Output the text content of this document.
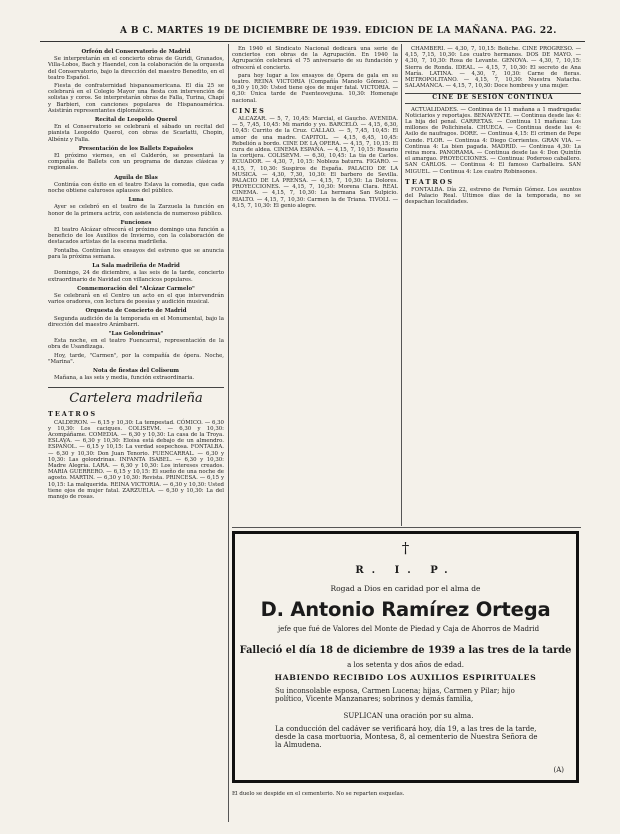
A B C. MARTES 19 DE DICIEMBRE DE 1939. EDICION DE LA MAÑANA. PAG. 22.
Orfeón del Conservatorio de Madrid

Se interpretarán en el concierto obras de Guridi, Granados, Villa-Lobos, Bach y Haendel, con la colaboración de la orquesta del Conservatorio, bajo la dirección del maestro Benedito, en el teatro Español.

Fiesta de confraternidad hispanoamericana. El día 25 se celebrará en el Colegio Mayor una fiesta con intervención de solistas y coros. Se interpretarán obras de Falla, Turina, Chapí y Barbieri, con canciones populares de Hispanoamérica. Asistirán representantes diplomáticos.

Recital de Leopoldo Querol

En el Conservatorio se celebrará el sábado un recital del pianista Leopoldo Querol, con obras de Scarlatti, Chopin, Albéniz y Falla.

Presentación de los Ballets Españoles

El próximo viernes, en el Calderón, se presentará la compañía de Ballets con un programa de danzas clásicas y regionales.

Aguila de Blas

Continúa con éxito en el teatro Eslava la comedia, que cada noche obtiene calurosos aplausos del público.

Luna

Ayer se celebró en el teatro de la Zarzuela la función en honor de la primera actriz, con asistencia de numeroso público.

Funciones

El teatro Alcázar ofrecerá el próximo domingo una función a beneficio de los Auxilios de Invierno, con la colaboración de destacados artistas de la escena madrileña.

Fontalba. Continúan los ensayos del estreno que se anuncia para la próxima semana.

La Sala madrileña de Madrid

Domingo, 24 de diciembre, a las seis de la tarde, concierto extraordinario de Navidad con villancicos populares.

Conmemoración del "Alcázar Carmelo"

Se celebrará en el Centro un acto en el que intervendrán varios oradores, con lectura de poesías y audición musical.

Orquesta de Concierto de Madrid

Segunda audición de la temporada en el Monumental, bajo la dirección del maestro Arámbarri.

"Las Golondrinas"

Esta noche, en el teatro Fuencarral, representación de la obra de Usandizaga.

Hoy, tarde, "Carmen", por la compañía de ópera. Noche, "Marina".

Nota de fiestas del Coliseum

Mañana, a las seis y media, función extraordinaria.

Cartelera madrileña
TEATROS

CALDERON. — 6,15 y 10,30: La tempestad. CÓMICO. — 6,30 y 10,30: Los caciques. COLISEVM. — 6,30 y 10,30: Acompáñame. COMEDIA. — 6,30 y 10,30: La casa de la Troya. ESLAVA. — 6,30 y 10,30: Eloísa está debajo de un almendro. ESPAÑOL. — 6,15 y 10,15: La verdad sospechosa. FONTALBA. — 6,30 y 10,30: Don Juan Tenorio. FUENCARRAL. — 6,30 y 10,30: Las golondrinas. INFANTA ISABEL. — 6,30 y 10,30: Madre Alegría. LARA. — 6,30 y 10,30: Los intereses creados. MARIA GUERRERO. — 6,15 y 10,15: El sueño de una noche de agosto. MARTIN. — 6,30 y 10,30: Revista. PRINCESA. — 6,15 y 10,15: La malquerida. REINA VICTORIA. — 6,30 y 10,30: Usted tiene ojos de mujer fatal. ZARZUELA. — 6,30 y 10,30: La del manojo de rosas.

En 1940 el Sindicato Nacional dedicará una serie de conciertos con obras de la Agrupación. En 1940 la Agrupación celebrará el 75 aniversario de su fundación y ofrecerá el concierto.

para hoy lugar a los ensayos de Ópera de gala en su teatro. REINA VICTORIA (Compañía Manolo Gómez). — 6,30 y 10,30: Usted tiene ojos de mujer fatal. VICTORIA. — 6,30: Única tarde de Fuenteovejuna. 10,30: Homenaje nacional.

CINES

ALCAZAR. — 5, 7, 10,45: Marcial, el Gaucho. AVENIDA. — 5, 7,45, 10,45: Mi marido y yo. BARCELÓ. — 4,15, 6,30, 10,45: Currito de la Cruz. CALLAO. — 5, 7,45, 10,45: El amor de una madre. CAPITOL. — 4,15, 6,45, 10,45: Rebelión a bordo. CINE DE LA OPERA. — 4,15, 7, 10,15: El cura de aldea. CINEMA ESPAÑA. — 4,15, 7, 10,15: Rosario la cortijera. COLISEVM. — 6,30, 10,45: La tía de Carlos. ECUADOR. — 4,30, 7, 10,15: Nobleza baturra. FIGARO. — 4,15, 7, 10,30: Suspiros de España. PALACIO DE LA MUSICA. — 4,30, 7,30, 10,30: El barbero de Sevilla. PALACIO DE LA PRENSA. — 4,15, 7, 10,30: La Dolores. PROYECCIONES. — 4,15, 7, 10,30: Morena Clara. REAL CINEMA. — 4,15, 7, 10,30: La hermana San Sulpicio. RIALTO. — 4,15, 7, 10,30: Carmen la de Triana. TIVOLI. — 4,15, 7, 10,30: El genio alegre.

CHAMBERI. — 4,30, 7, 10,15: Boliche. CINE PROGRESO. — 4,15, 7,15, 10,30: Los cuatro hermanos. DOS DE MAYO. — 4,30, 7, 10,30: Rosa de Levante. GENOVA. — 4,30, 7, 10,15: Sierra de Ronda. IDEAL. — 4,15, 7, 10,30: El secreto de Ana María. LATINA. — 4,30, 7, 10,30: Carne de fieras. METROPOLITANO. — 4,15, 7, 10,30: Nuestra Natacha. SALAMANCA. — 4,15, 7, 10,30: Doce hombres y una mujer.

CINE DE SESION CONTINUA

ACTUALIDADES. — Continua de 11 mañana a 1 madrugada: Noticiarios y reportajes. BENAVENTE. — Continua desde las 4: La hija del penal. CARRETAS. — Continua 11 mañana: Los millones de Polichinela. CHUECA. — Continua desde las 4: Asilo de naufragos. DORE. — Continua 4,15: El crimen de Pepe Conde. FLOR. — Continua 4: Diego Corrientes. GRAN VIA. — Continua 4: La bien pagada. MADRID. — Continua 4,30: La reina mora. PANORAMA. — Continua desde las 4: Don Quintín el amargao. PROYECCIONES. — Continua: Poderoso caballero. SAN CARLOS. — Continua 4: El famoso Carballeira. SAN MIGUEL. — Continua 4: Los cuatro Robinsones.

TEATROS

FONTALBA. Día 22, estreno de Fernán Gómez. Los asuntos del Palacio Real. Ultimos días de la temporada, no se despachan localidades.

†
R. I. P.
Rogad a Dios en caridad por el alma de
D. Antonio Ramírez Ortega
jefe que fué de Valores del Monte de Piedad y Caja de Ahorros de Madrid
Falleció el día 18 de diciembre de 1939 a las tres de la tarde
a los setenta y dos años de edad.
HABIENDO RECIBIDO LOS AUXILIOS ESPIRITUALES
Su inconsolable esposa, Carmen Lucena; hijas, Carmen y Pilar; hijo político, Vicente Manzanares; sobrinos y demás familia,
SUPLICAN una oración por su alma.
La conducción del cadáver se verificará hoy, día 19, a las tres de la tarde, desde la casa mortuoria, Montesa, 8, al cementerio de Nuestra Señora de la Almudena.
(A)
El duelo se despide en el cementerio. No se reparten esquelas.
